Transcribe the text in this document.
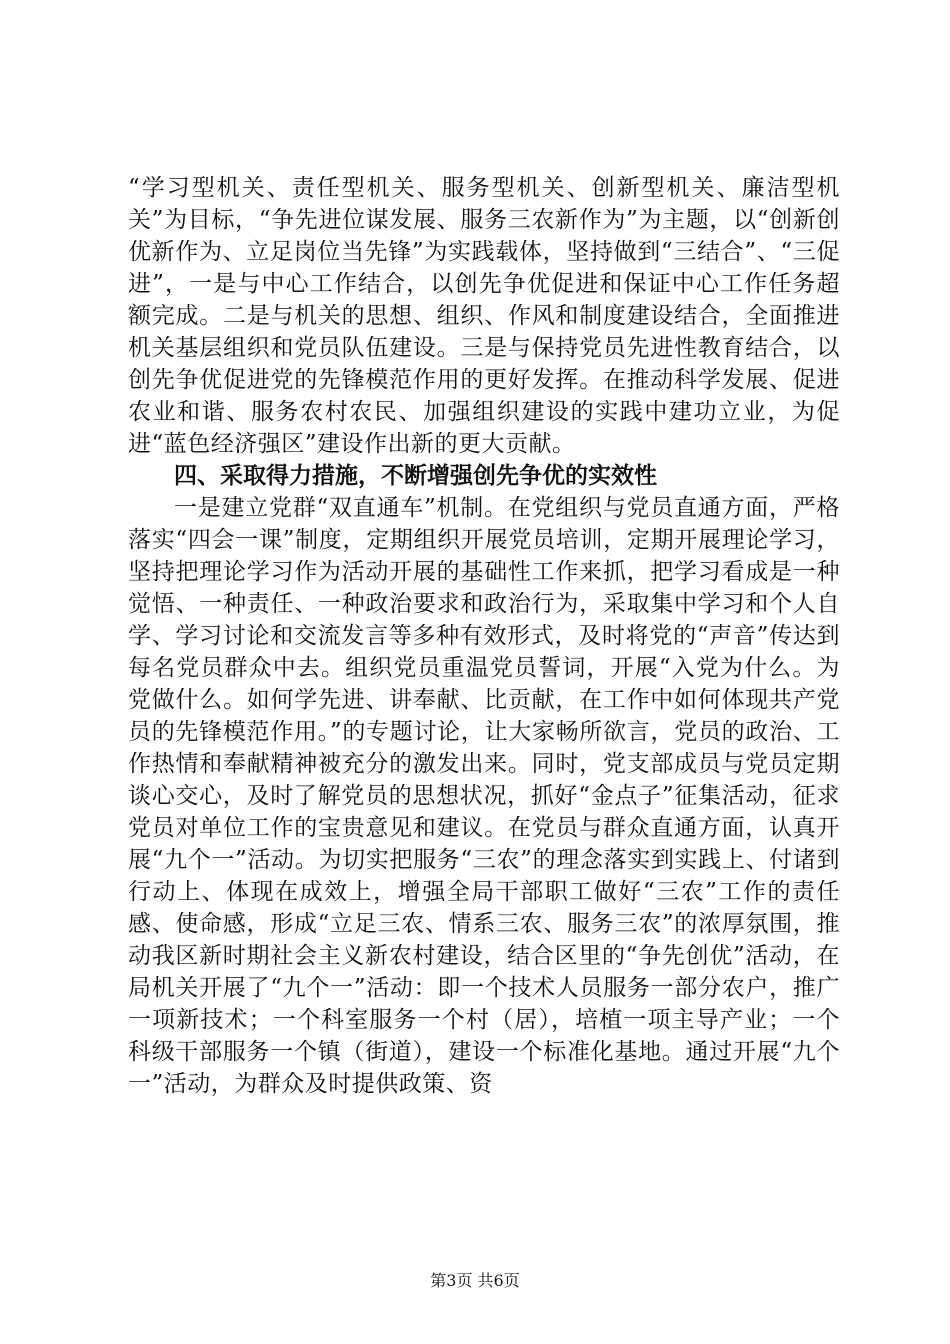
“学习型机关、责任型机关、服务型机关、创新型机关、廉洁型机关”为目标，“争先进位谋发展、服务三农新作为”为主题，以“创新创优新作为、立足岗位当先锋”为实践载体，坚持做到“三结合”、“三促进”，一是与中心工作结合，以创先争优促进和保证中心工作任务超额完成。二是与机关的思想、组织、作风和制度建设结合，全面推进机关基层组织和党员队伍建设。三是与保持党员先进性教育结合，以创先争优促进党的先锋模范作用的更好发挥。在推动科学发展、促进农业和谐、服务农村农民、加强组织建设的实践中建功立业，为促进“蓝色经济强区”建设作出新的更大贡献。

四、采取得力措施，不断增强创先争优的实效性

一是建立党群“双直通车”机制。在党组织与党员直通方面，严格落实“四会一课”制度，定期组织开展党员培训，定期开展理论学习，坚持把理论学习作为活动开展的基础性工作来抓，把学习看成是一种觉悟、一种责任、一种政治要求和政治行为，采取集中学习和个人自学、学习讨论和交流发言等多种有效形式，及时将党的“声音”传达到每名党员群众中去。组织党员重温党员誓词，开展“入党为什么。为党做什么。如何学先进、讲奉献、比贡献，在工作中如何体现共产党员的先锋模范作用。”的专题讨论，让大家畅所欲言，党员的政治、工作热情和奉献精神被充分的激发出来。同时，党支部成员与党员定期谈心交心，及时了解党员的思想状况，抓好“金点子”征集活动，征求党员对单位工作的宝贵意见和建议。在党员与群众直通方面，认真开展“九个一”活动。为切实把服务“三农”的理念落实到实践上、付诸到行动上、体现在成效上，增强全局干部职工做好“三农”工作的责任感、使命感，形成“立足三农、情系三农、服务三农”的浓厚氛围，推动我区新时期社会主义新农村建设，结合区里的“争先创优”活动，在局机关开展了“九个一”活动：即一个技术人员服务一部分农户，推广一项新技术；一个科室服务一个村（居），培植一项主导产业；一个科级干部服务一个镇（街道），建设一个标准化基地。通过开展“九个一”活动，为群众及时提供政策、资

第3页 共6页
